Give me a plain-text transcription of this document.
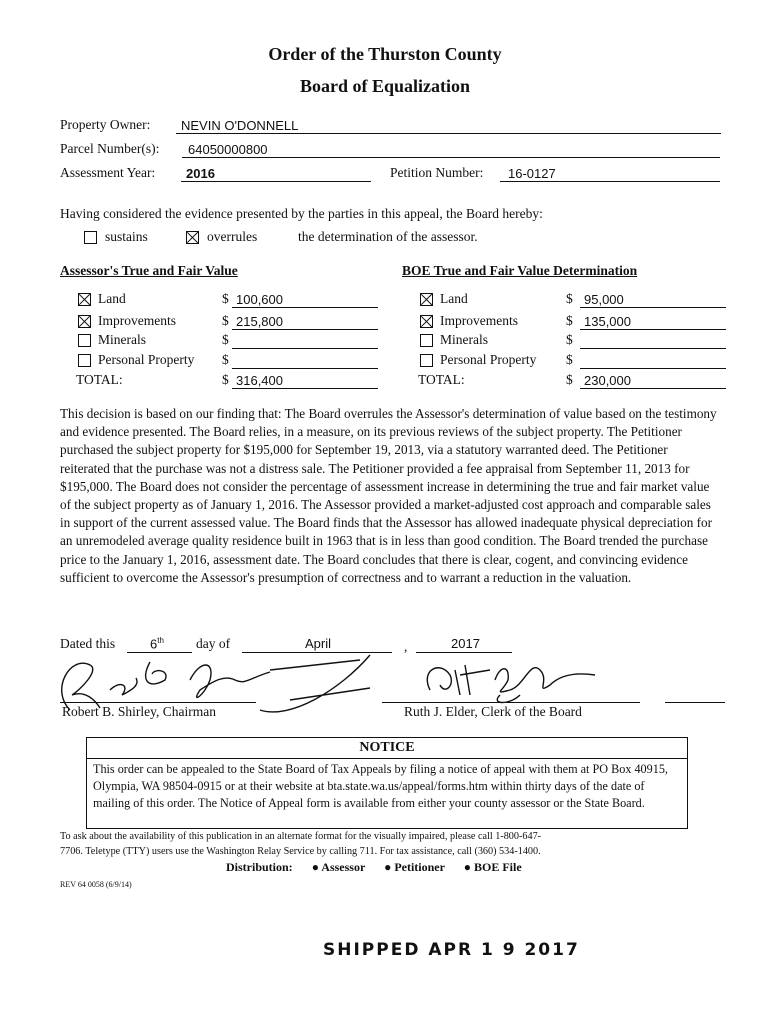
Order of the Thurston County
Board of Equalization
Property Owner: NEVIN O'DONNELL
Parcel Number(s): 64050000800
Assessment Year: 2016	Petition Number: 16-0127
Having considered the evidence presented by the parties in this appeal, the Board hereby:
sustains	overrules	the determination of the assessor.
Assessor's True and Fair Value
Land	$ 100,600
Improvements	$ 215,800
Minerals	$
Personal Property $
TOTAL:	$ 316,400
BOE True and Fair Value Determination
Land	$ 95,000
Improvements	$ 135,000
Minerals	$
Personal Property $
TOTAL:	$ 230,000
This decision is based on our finding that: The Board overrules the Assessor's determination of value based on the testimony and evidence presented. The Board relies, in a measure, on its previous reviews of the subject property. The Petitioner purchased the subject property for $195,000 for September 19, 2013, via a statutory warranted deed. The Petitioner reiterated that the purchase was not a distress sale. The Petitioner provided a fee appraisal from September 11, 2013 for $195,000. The Board does not consider the percentage of assessment increase in determining the true and fair market value of the subject property as of January 1, 2016. The Assessor provided a market-adjusted cost approach and comparable sales in support of the current assessed value. The Board finds that the Assessor has allowed inadequate physical depreciation for an unremodeled average quality residence built in 1963 that is in less than good condition. The Board trended the purchase price to the January 1, 2016, assessment date. The Board concludes that there is clear, cogent, and convincing evidence sufficient to overcome the Assessor's presumption of correctness and to warrant a reduction in the valuation.
Dated this	6th day of	April	,	2017
Robert B. Shirley, Chairman	Ruth J. Elder, Clerk of the Board
NOTICE
This order can be appealed to the State Board of Tax Appeals by filing a notice of appeal with them at PO Box 40915, Olympia, WA 98504-0915 or at their website at bta.state.wa.us/appeal/forms.htm within thirty days of the date of mailing of this order. The Notice of Appeal form is available from either your county assessor or the State Board.
To ask about the availability of this publication in an alternate format for the visually impaired, please call 1-800-647-
7706. Teletype (TTY) users use the Washington Relay Service by calling 711. For tax assistance, call (360) 534-1400.
Distribution: ● Assessor ● Petitioner ● BOE File
REV 64 0058 (6/9/14)
SHIPPED APR 1 9 2017
